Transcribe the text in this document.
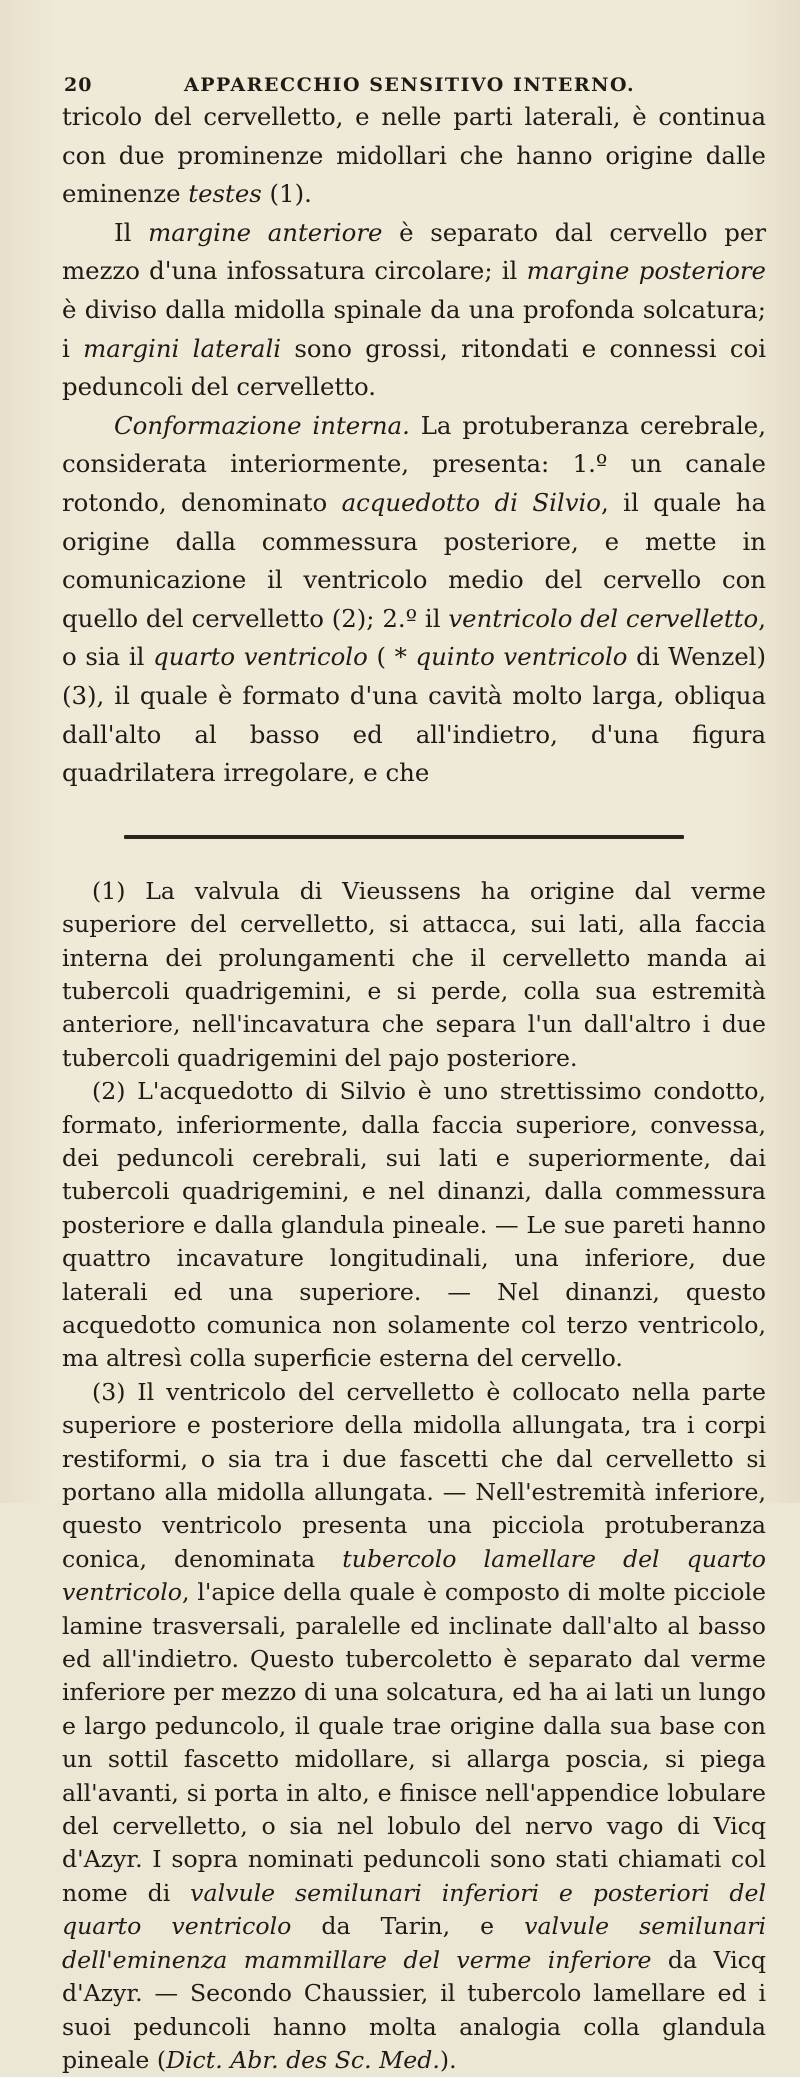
20	APPARECCHIO SENSITIVO INTERNO.

tricolo del cervelletto, e nelle parti laterali, è continua con due prominenze midollari che hanno origine dalle eminenze testes (1).

Il margine anteriore è separato dal cervello per mezzo d'una infossatura circolare; il margine posteriore è diviso dalla midolla spinale da una profonda solcatura; i margini laterali sono grossi, ritondati e connessi coi peduncoli del cervelletto.

Conformazione interna. La protuberanza cerebrale, considerata interiormente, presenta: 1.º un canale rotondo, denominato acquedotto di Silvio, il quale ha origine dalla commessura posteriore, e mette in comunicazione il ventricolo medio del cervello con quello del cervelletto (2); 2.º il ventricolo del cervelletto, o sia il quarto ventricolo ( * quinto ventricolo di Wenzel) (3), il quale è formato d'una cavità molto larga, obliqua dall'alto al basso ed all'indietro, d'una figura quadrilatera irregolare, e che

(1) La valvula di Vieussens ha origine dal verme superiore del cervelletto, si attacca, sui lati, alla faccia interna dei prolungamenti che il cervelletto manda ai tubercoli quadrigemini, e si perde, colla sua estremità anteriore, nell'incavatura che separa l'un dall'altro i due tubercoli quadrigemini del pajo posteriore.

(2) L'acquedotto di Silvio è uno strettissimo condotto, formato, inferiormente, dalla faccia superiore, convessa, dei peduncoli cerebrali, sui lati e superiormente, dai tubercoli quadrigemini, e nel dinanzi, dalla commessura posteriore e dalla glandula pineale. — Le sue pareti hanno quattro incavature longitudinali, una inferiore, due laterali ed una superiore. — Nel dinanzi, questo acquedotto comunica non solamente col terzo ventricolo, ma altresì colla superficie esterna del cervello.

(3) Il ventricolo del cervelletto è collocato nella parte superiore e posteriore della midolla allungata, tra i corpi restiformi, o sia tra i due fascetti che dal cervelletto si portano alla midolla allungata. — Nell'estremità inferiore, questo ventricolo presenta una picciola protuberanza conica, denominata tubercolo lamellare del quarto ventricolo, l'apice della quale è composto di molte picciole lamine trasversali, paralelle ed inclinate dall'alto al basso ed all'indietro. Questo tubercoletto è separato dal verme inferiore per mezzo di una solcatura, ed ha ai lati un lungo e largo peduncolo, il quale trae origine dalla sua base con un sottil fascetto midollare, si allarga poscia, si piega all'avanti, si porta in alto, e finisce nell'appendice lobulare del cervelletto, o sia nel lobulo del nervo vago di Vicq d'Azyr. I sopra nominati peduncoli sono stati chiamati col nome di valvule semilunari inferiori e posteriori del quarto ventricolo da Tarin, e valvule semilunari dell'eminenza mammillare del verme inferiore da Vicq d'Azyr. — Secondo Chaussier, il tubercolo lamellare ed i suoi peduncoli hanno molta analogia colla glandula pineale (Dict. Abr. des Sc. Med.).
